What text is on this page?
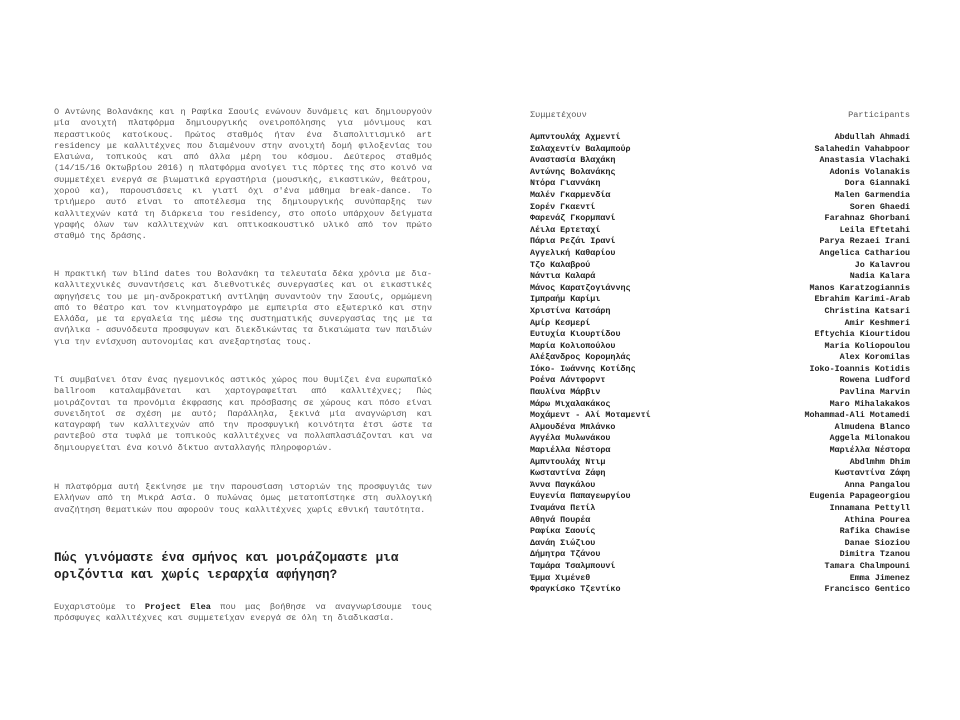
Ο Αντώνης Βολανάκης και η Ραφίκα Σαουίς ενώνουν δυνάμεις και δημιουργούν μία ανοιχτή πλατφόρμα δημιουργικής ονειροπόλησης για μόνιμους και περαστικούς κατοίκους. Πρώτος σταθμός ήταν ένα διαπολιτισμικό art residency με καλλιτέχνες που διαμένουν στην ανοιχτή δομή φιλοξενίας του Ελαιώνα, τοπικούς και από άλλα μέρη του κόσμου. Δεύτερος σταθμός (14/15/16 Οκτωβρίου 2016) η πλατφόρμα ανοίγει τις πόρτες της στο κοινό να συμμετέχει ενεργά σε βιωματικά εργαστήρια (μουσικής, εικαστικών, θεάτρου, χορού κα), παρουσιάσεις κι γιατί όχι σ'ένα μάθημα break-dance. Το τριήμερο αυτό είναι το αποτέλεσμα της δημιουργικής συνύπαρξης των καλλιτεχνών κατά τη διάρκεια του residency, στο οποίο υπάρχουν δείγματα γραφής όλων των καλλιτεχνών και οπτικοακουστικό υλικό από τον πρώτο σταθμό της δράσης.

Η πρακτική των blind dates του Βολανάκη τα τελευταία δέκα χρόνια με δια-καλλιτεχνικές συναντήσεις και διεθνοτικές συνεργασίες και οι εικαστικές αφηγήσεις του με μη-ανδροκρατική αντίληψη συναντούν την Σαουίς, ορμώμενη από το θέατρο και τον κινηματογράφο με εμπειρία στο εξωτερικό και στην Ελλάδα, με τα εργαλεία της μέσω της συστηματικής συνεργασίας της με τα ανήλικα - ασυνόδευτα προσφυγων και διεκδικώντας τα δικαιώματα των παιδιών για την ενίσχυση αυτονομίας και ανεξαρτησίας τους.

Τί συμβαίνει όταν ένας ηγεμονικός αστικός χώρος που θυμίζει ένα ευρωπαϊκό ballroom καταλαμβάνεται και χαρτογραφείται από καλλιτέχνες; Πώς μοιράζονται τα προνόμια έκφρασης και πρόσβασης σε χώρους και πόσο είναι συνειδητοί σε σχέση με αυτό; Παράλληλα, ξεκινά μία αναγνώριση και καταγραφή των καλλιτεχνών από την προσφυγική κοινότητα έτσι ώστε τα ραντεβού στα τυφλά με τοπικούς καλλιτέχνες να πολλαπλασιάζονται και να δημιουργείται ένα κοινό δίκτυο ανταλλαγής πληροφοριών.

Η πλατφόρμα αυτή ξεκίνησε με την παρουσίαση ιστοριών της προσφυγιάς των Ελλήνων από τη Μικρά Ασία. Ο πυλώνας όμως μετατοπίστηκε στη συλλογική αναζήτηση θεματικών που αφορούν τους καλλιτέχνες χωρίς εθνική ταυτότητα.

Πώς γινόμαστε ένα σμήνος και μοιράζομαστε μια οριζόντια και χωρίς ιεραρχία αφήγηση?

Ευχαριστούμε το Project Elea που μας βοήθησε να αναγνωρίσουμε τους πρόσφυγες καλλιτέχνες και συμμετείχαν ενεργά σε όλη τη διαδικασία.

Συμμετέχουν	Participants
Αμπντουλάχ Αχμεντί	Abdullah Ahmadi
Σαλαχεντίν Βαλαμπούρ	Salahedin Vahabpoor
Αναστασία Βλαχάκη	Anastasia Vlachaki
Αντώνης Βολανάκης	Adonis Volanakis
Ντόρα Γιαννάκη	Dora Giannaki
Μαλέν Γκαρμενδία	Malen Garmendia
Σορέν Γκαεντί	Soren Ghaedi
Φαρενάζ Γκορμπανί	Farahnaz Ghorbani
Λέιλα Ερτεταχί	Leila Eftetahi
Πάρια Ρεζάι Ιρανί	Parya Rezaei Irani
Αγγελική Καθαρίου	Angelica Cathariou
Τζο Καλαβρού	Jo Kalavrou
Νάντια Καλαρά	Nadia Kalara
Μάνος Καρατζογιάννης	Manos Karatzogiannis
Ιμπραήμ Καρίμι	Ebrahim Karimi-Arab
Χριστίνα Κατσάρη	Christina Katsari
Αμίρ Κεσμερί	Amir Keshmeri
Ευτυχία Κιουρτίδου	Eftychia Kiourtidou
Μαρία Κολιοπούλου	Maria Koliopoulou
Αλέξανδρος Κορομηλάς	Alex Koromilas
Ιόκο- Ιωάννης Κοτίδης	Ioko-Ioannis Kotidis
Ροένα Λάντφορντ	Rowena Ludford
Παυλίνα Μάρβιν	Pavlina Marvin
Μάρω Μιχαλακάκος	Maro Mihalakakos
Μοχάμεντ - Αλί Μοταμεντί	Mohammad-Ali Motamedi
Αλμουδένα Μπλάνκο	Almudena Blanco
Αγγέλα Μυλωνάκου	Aggela Milonakou
Μαριέλλα Νέστορα	Μαριέλλα Νέστορα
Αμπντουλάχ Ντιμ	Abdlmhm Dhim
Κωσταντίνα Ζάφη	Κωσταντίνα Ζάφη
Άννα Παγκάλου	Anna Pangalou
Ευγενία Παπαγεωργίου	Eugenia Papageorgiou
Ιναμάνα Πετίλ	Innamana Pettyll
Αθηνά Πουρέα	Athina Pourea
Ραφίκα Σαουίς	Rafika Chawise
Δανάη Σιώζιου	Danae Siozioυ
Δήμητρα Τζάνου	Dimitra Tzanou
Ταμάρα Τσαλμπουνί	Tamara Chalmpouni
Έμμα Χιμένεθ	Emma Jimenez
Φραγκίσκο Τζεντίκο	Francisco Gentico
